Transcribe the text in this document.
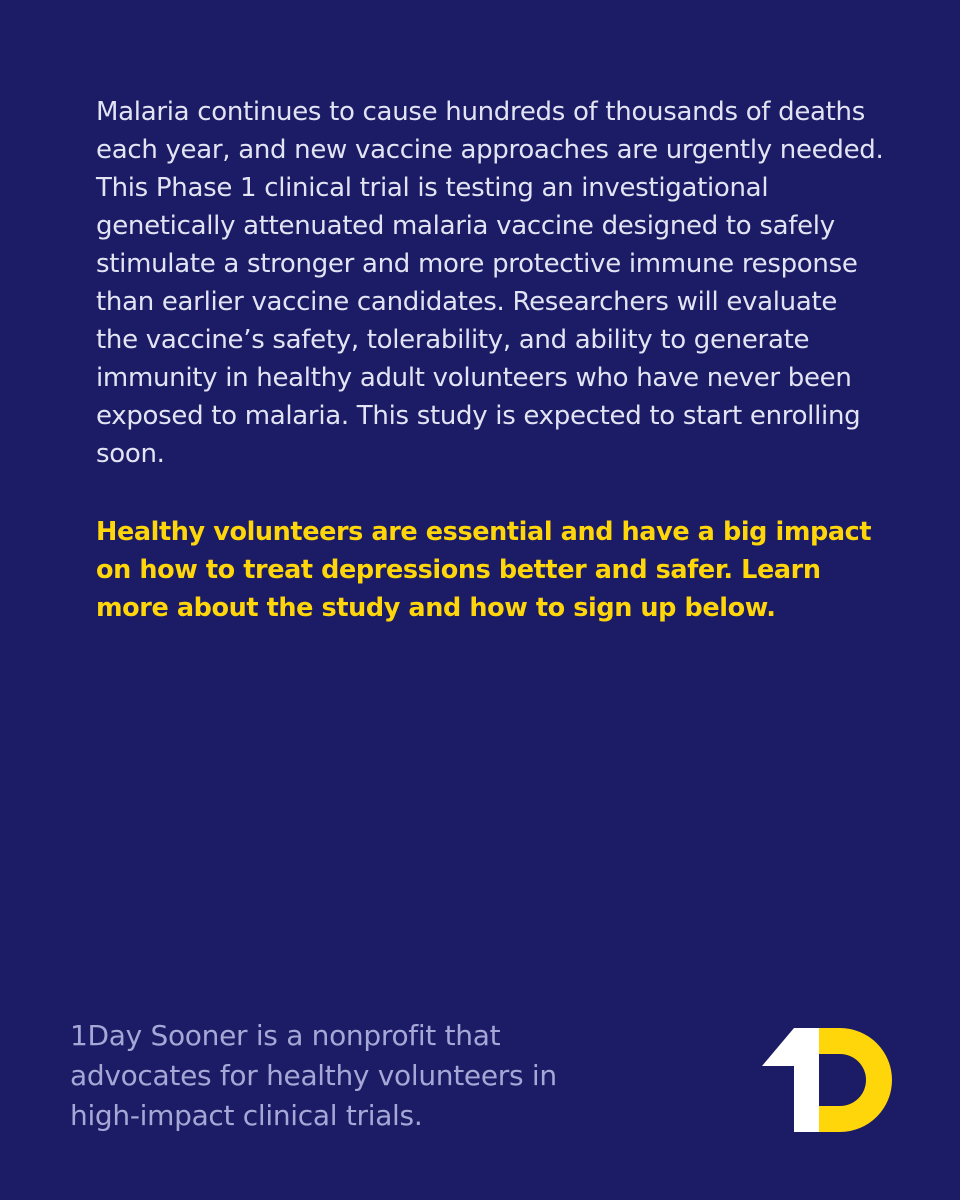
Malaria continues to cause hundreds of thousands of deaths each year, and new vaccine approaches are urgently needed. This Phase 1 clinical trial is testing an investigational genetically attenuated malaria vaccine designed to safely stimulate a stronger and more protective immune response than earlier vaccine candidates. Researchers will evaluate the vaccine’s safety, tolerability, and ability to generate immunity in healthy adult volunteers who have never been exposed to malaria. This study is expected to start enrolling soon.

Healthy volunteers are essential and have a big impact on how to treat depressions better and safer. Learn more about the study and how to sign up below.

1Day Sooner is a nonprofit that advocates for healthy volunteers in high-impact clinical trials.
